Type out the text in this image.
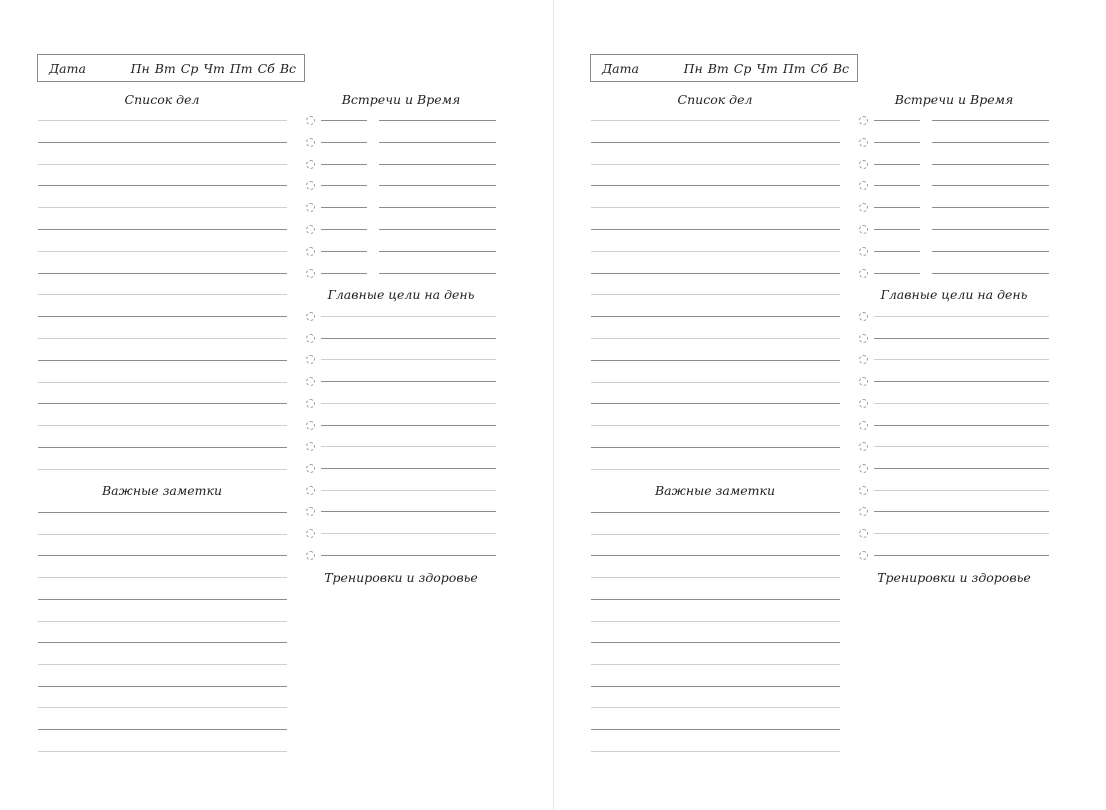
Дата	Пн Вт Ср Чт Пт Сб Вс
Список дел	Встречи и Время
Главные цели на день
Важные заметки
Тренировки и здоровье
Дата	Пн Вт Ср Чт Пт Сб Вс
Список дел	Встречи и Время
Главные цели на день
Важные заметки
Тренировки и здоровье
